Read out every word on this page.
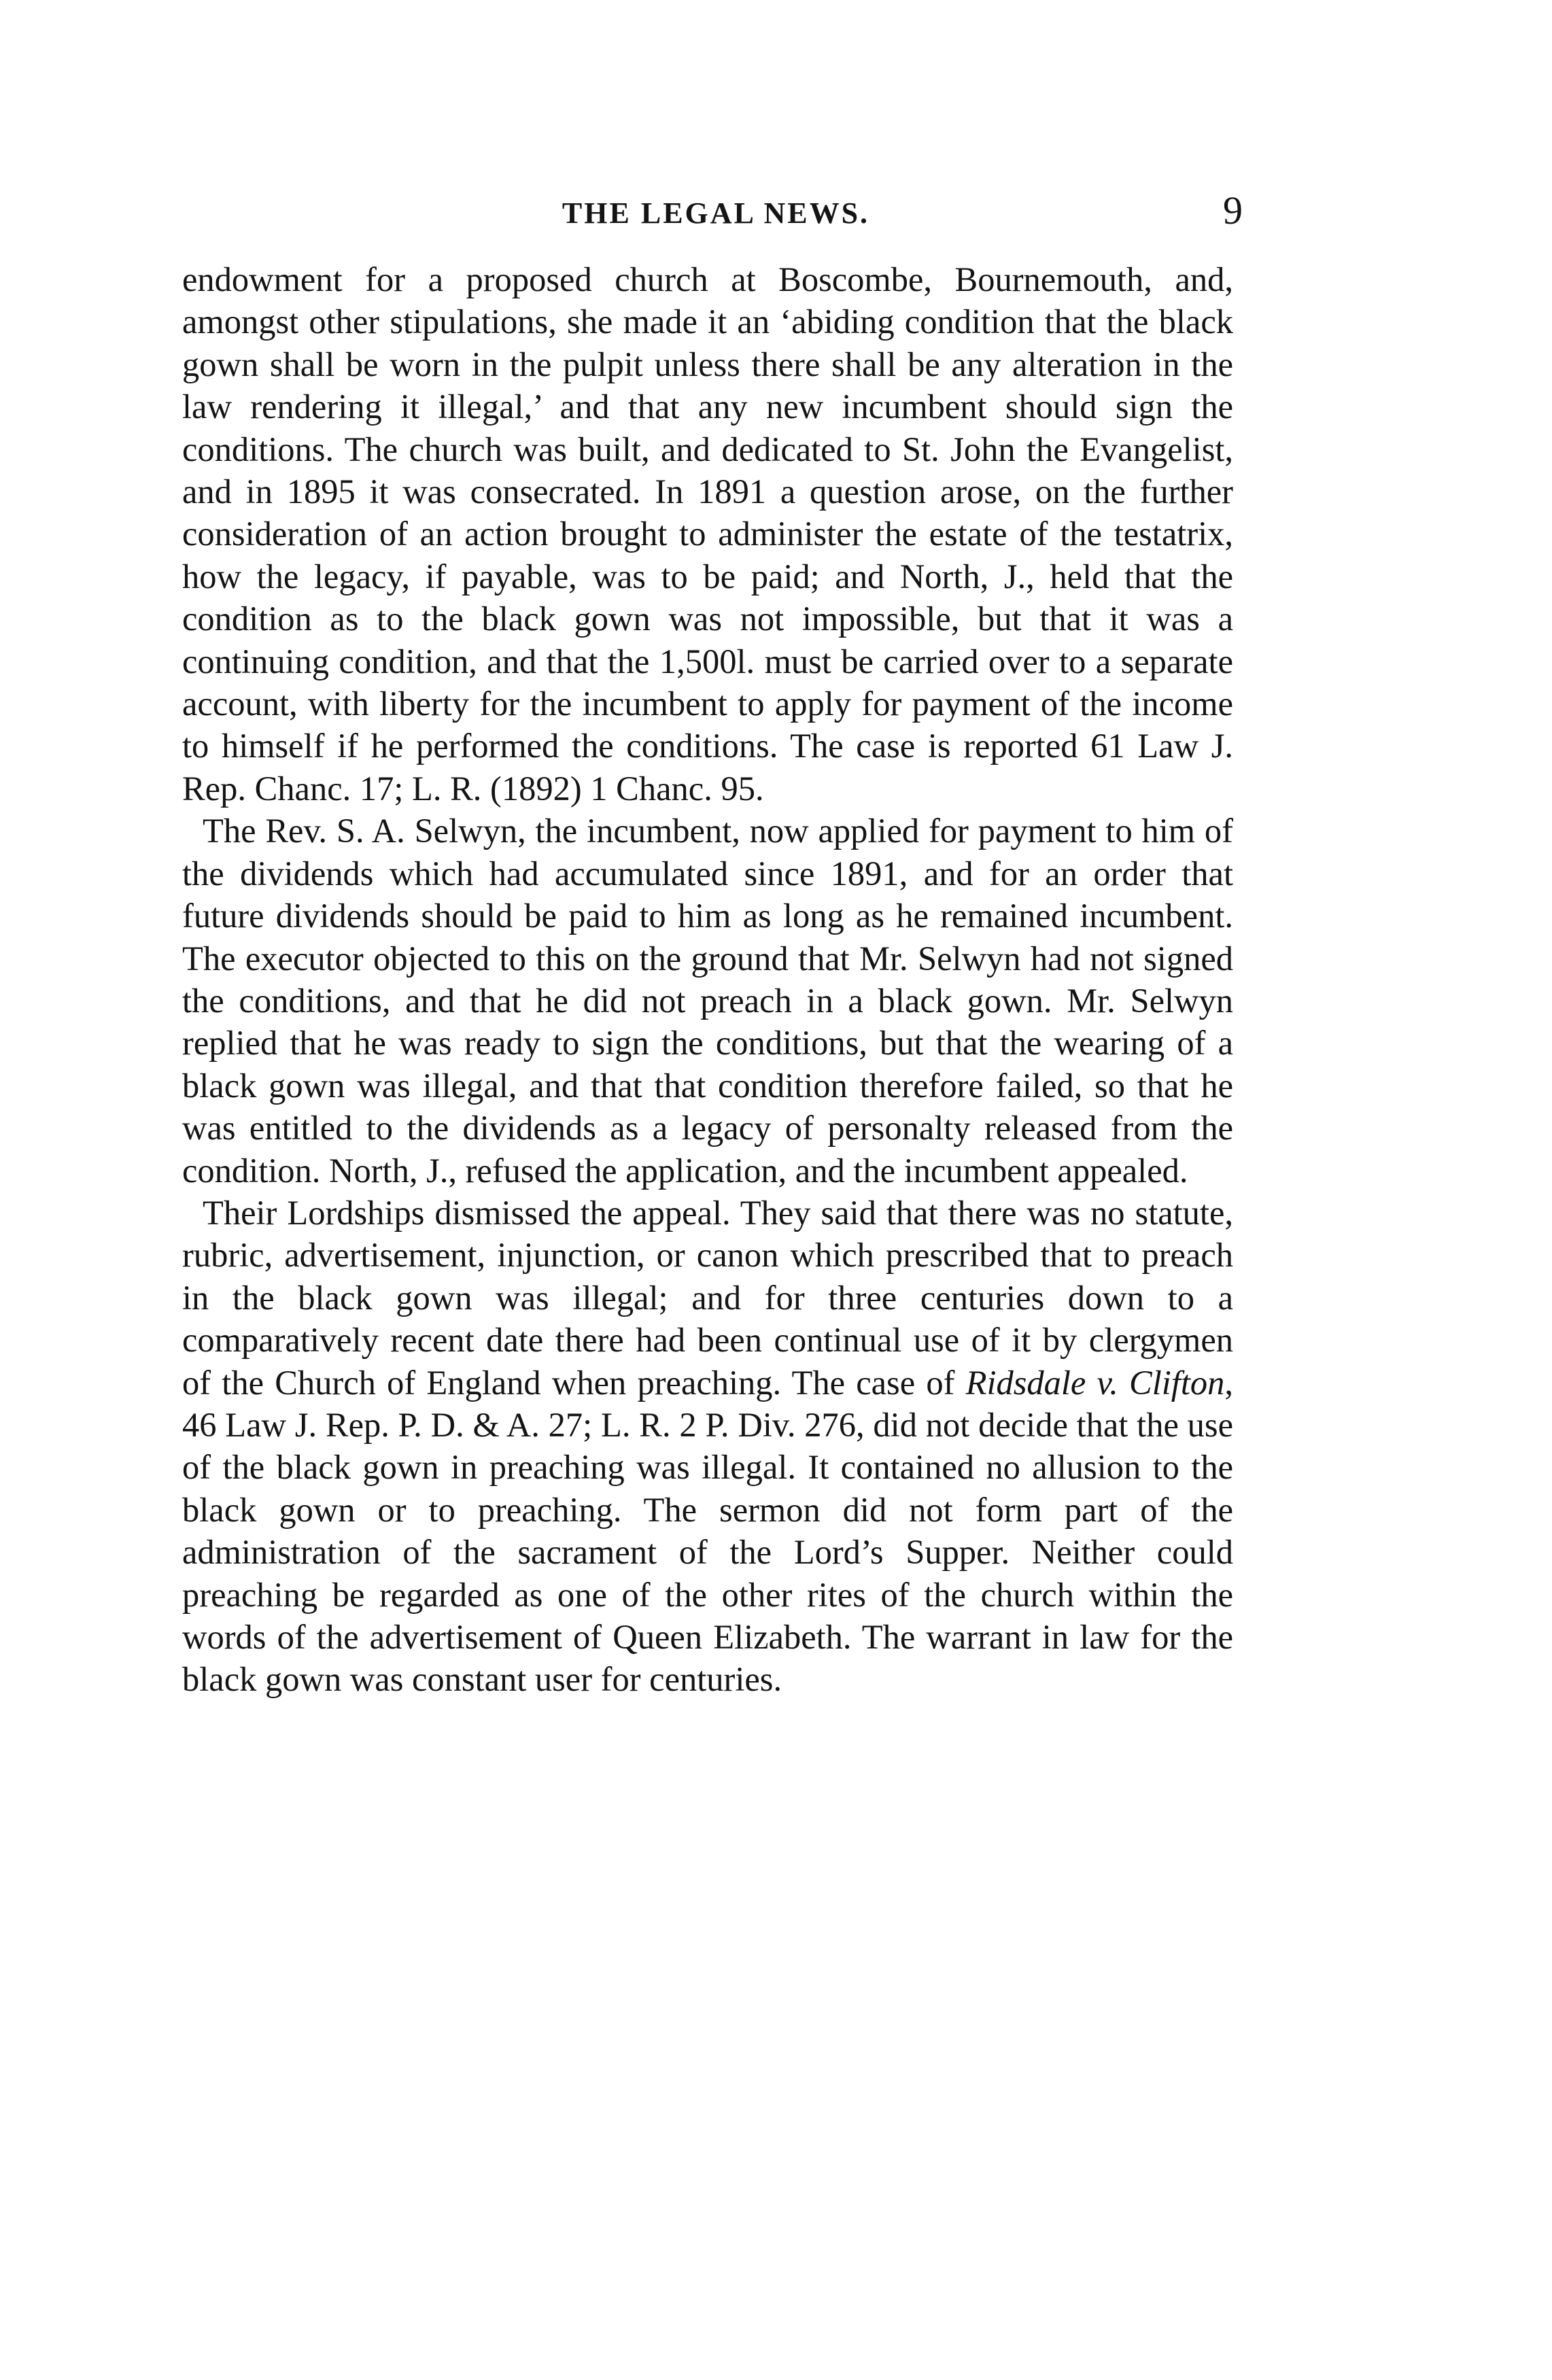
THE LEGAL NEWS.	9

endowment for a proposed church at Boscombe, Bournemouth, and, amongst other stipulations, she made it an ‘abiding condition that the black gown shall be worn in the pulpit unless there shall be any alteration in the law rendering it illegal,’ and that any new incumbent should sign the conditions. The church was built, and dedicated to St. John the Evangelist, and in 1895 it was consecrated. In 1891 a question arose, on the further consideration of an action brought to administer the estate of the testatrix, how the legacy, if payable, was to be paid; and North, J., held that the condition as to the black gown was not impossible, but that it was a continuing condition, and that the 1,500l. must be carried over to a separate account, with liberty for the incumbent to apply for payment of the income to himself if he performed the conditions. The case is reported 61 Law J. Rep. Chanc. 17; L. R. (1892) 1 Chanc. 95.

The Rev. S. A. Selwyn, the incumbent, now applied for payment to him of the dividends which had accumulated since 1891, and for an order that future dividends should be paid to him as long as he remained incumbent. The executor objected to this on the ground that Mr. Selwyn had not signed the conditions, and that he did not preach in a black gown. Mr. Selwyn replied that he was ready to sign the conditions, but that the wearing of a black gown was illegal, and that that condition therefore failed, so that he was entitled to the dividends as a legacy of personalty released from the condition. North, J., refused the application, and the incumbent appealed.

Their Lordships dismissed the appeal. They said that there was no statute, rubric, advertisement, injunction, or canon which prescribed that to preach in the black gown was illegal; and for three centuries down to a comparatively recent date there had been continual use of it by clergymen of the Church of England when preaching. The case of Ridsdale v. Clifton, 46 Law J. Rep. P. D. & A. 27; L. R. 2 P. Div. 276, did not decide that the use of the black gown in preaching was illegal. It contained no allusion to the black gown or to preaching. The sermon did not form part of the administration of the sacrament of the Lord’s Supper. Neither could preaching be regarded as one of the other rites of the church within the words of the advertisement of Queen Elizabeth. The warrant in law for the black gown was constant user for centuries.
